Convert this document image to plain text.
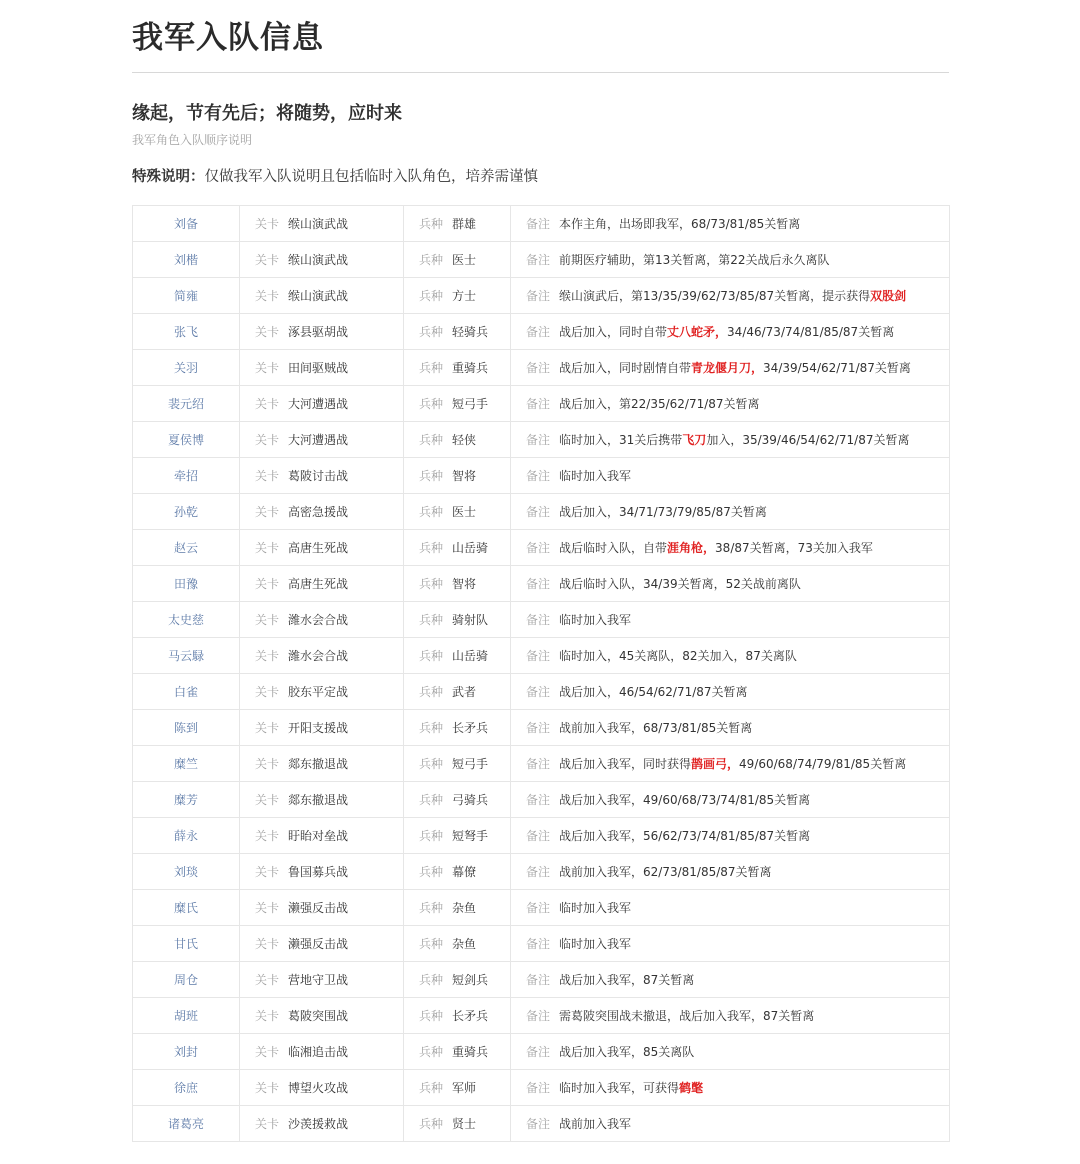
我军入队信息
缘起，节有先后；将随势，应时来
我军角色入队顺序说明
特殊说明：仅做我军入队说明且包括临时入队角色，培养需谨慎
刘备	关卡 缑山演武战	兵种 群雄	备注 本作主角，出场即我军，68/73/81/85关暂离

刘楷	关卡 缑山演武战	兵种 医士	备注 前期医疗辅助，第13关暂离，第22关战后永久离队

简雍	关卡 缑山演武战	兵种 方士	备注 缑山演武后，第13/35/39/62/73/85/87关暂离，提示获得双股剑

张飞	关卡 涿县驱胡战	兵种 轻骑兵	备注 战后加入，同时自带丈八蛇矛，34/46/73/74/81/85/87关暂离

关羽	关卡 田间驱贼战	兵种 重骑兵	备注 战后加入，同时剧情自带青龙偃月刀，34/39/54/62/71/87关暂离

裴元绍	关卡 大河遭遇战	兵种 短弓手	备注 战后加入，第22/35/62/71/87关暂离

夏侯博	关卡 大河遭遇战	兵种 轻侠	备注 临时加入，31关后携带飞刀加入，35/39/46/54/62/71/87关暂离

牵招	关卡 葛陂讨击战	兵种 智将	备注 临时加入我军

孙乾	关卡 高密急援战	兵种 医士	备注 战后加入，34/71/73/79/85/87关暂离

赵云	关卡 高唐生死战	兵种 山岳骑	备注 战后临时入队，自带涯角枪，38/87关暂离，73关加入我军

田豫	关卡 高唐生死战	兵种 智将	备注 战后临时入队，34/39关暂离，52关战前离队

太史慈	关卡 潍水会合战	兵种 骑射队	备注 临时加入我军

马云騄	关卡 潍水会合战	兵种 山岳骑	备注 临时加入，45关离队，82关加入，87关离队

白雀	关卡 胶东平定战	兵种 武者	备注 战后加入，46/54/62/71/87关暂离

陈到	关卡 开阳支援战	兵种 长矛兵	备注 战前加入我军，68/73/81/85关暂离

糜竺	关卡 郯东撤退战	兵种 短弓手	备注 战后加入我军，同时获得鹊画弓，49/60/68/74/79/81/85关暂离

糜芳	关卡 郯东撤退战	兵种 弓骑兵	备注 战后加入我军，49/60/68/73/74/81/85关暂离

薛永	关卡 盱眙对垒战	兵种 短弩手	备注 战后加入我军，56/62/73/74/81/85/87关暂离

刘琰	关卡 鲁国募兵战	兵种 幕僚	备注 战前加入我军，62/73/81/85/87关暂离

糜氏	关卡 濑强反击战	兵种 杂鱼	备注 临时加入我军

甘氏	关卡 濑强反击战	兵种 杂鱼	备注 临时加入我军

周仓	关卡 营地守卫战	兵种 短剑兵	备注 战后加入我军，87关暂离

胡班	关卡 葛陂突围战	兵种 长矛兵	备注 需葛陂突围战未撤退，战后加入我军，87关暂离

刘封	关卡 临湘追击战	兵种 重骑兵	备注 战后加入我军，85关离队

徐庶	关卡 博望火攻战	兵种 军师	备注 临时加入我军，可获得鹤氅

诸葛亮	关卡 沙羡援救战	兵种 贤士	备注 战前加入我军
